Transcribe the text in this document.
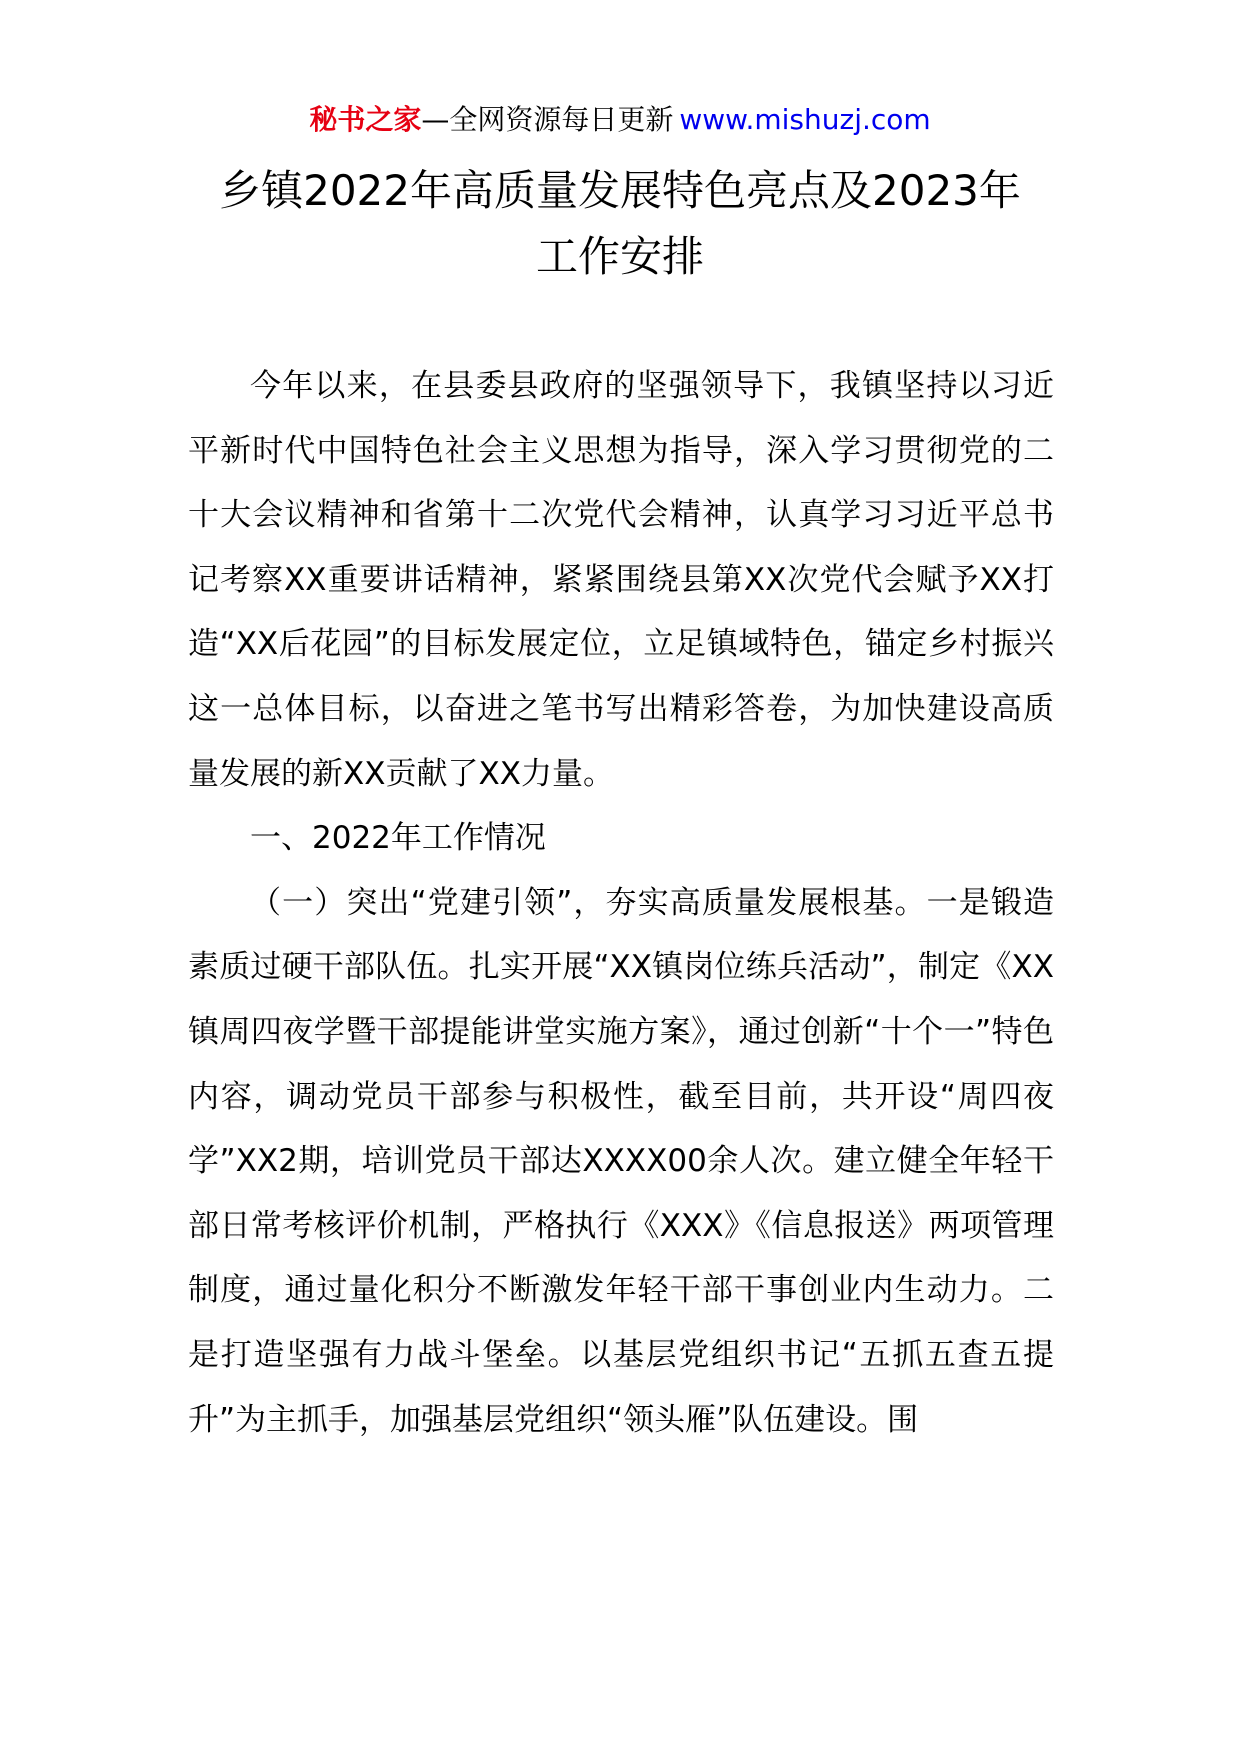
秘书之家—全网资源每日更新 www.mishuzj.com
乡镇2022年高质量发展特色亮点及2023年
工作安排

今年以来，在县委县政府的坚强领导下，我镇坚持以习近平新时代中国特色社会主义思想为指导，深入学习贯彻党的二十大会议精神和省第十二次党代会精神，认真学习习近平总书记考察XX重要讲话精神，紧紧围绕县第XX次党代会赋予XX打造“XX后花园”的目标发展定位，立足镇域特色，锚定乡村振兴这一总体目标，以奋进之笔书写出精彩答卷，为加快建设高质量发展的新XX贡献了XX力量。

一、2022年工作情况

（一）突出“党建引领”，夯实高质量发展根基。一是锻造素质过硬干部队伍。扎实开展“XX镇岗位练兵活动”，制定《XX镇周四夜学暨干部提能讲堂实施方案》，通过创新“十个一”特色内容，调动党员干部参与积极性，截至目前，共开设“周四夜学”XX2期，培训党员干部达XXXX00余人次。建立健全年轻干部日常考核评价机制，严格执行《XXX》《信息报送》两项管理制度，通过量化积分不断激发年轻干部干事创业内生动力。二是打造坚强有力战斗堡垒。以基层党组织书记“五抓五查五提升”为主抓手，加强基层党组织“领头雁”队伍建设。围
